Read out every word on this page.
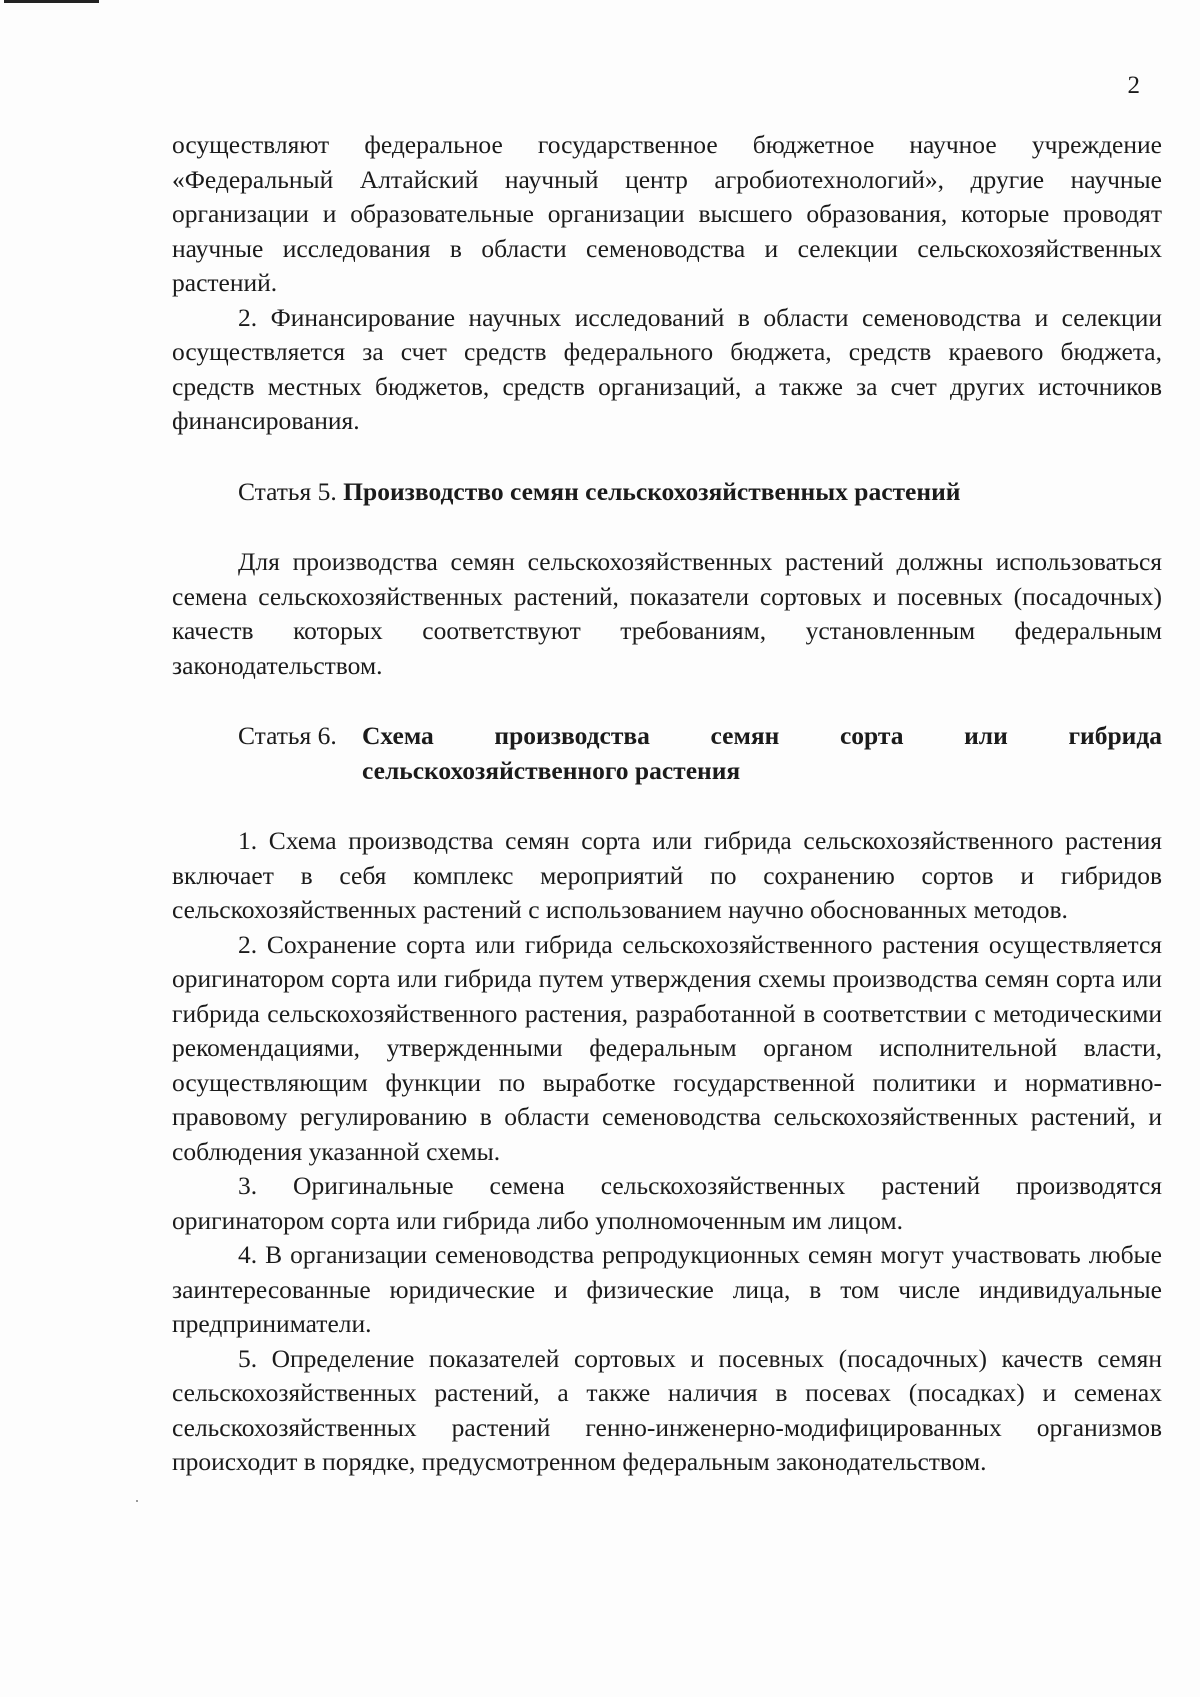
2

осуществляют федеральное государственное бюджетное научное учреждение «Федеральный Алтайский научный центр агробиотехнологий», другие научные организации и образовательные организации высшего образования, которые проводят научные исследования в области семеноводства и селекции сельскохозяйственных растений.

2. Финансирование научных исследований в области семеноводства и селекции осуществляется за счет средств федерального бюджета, средств краевого бюджета, средств местных бюджетов, средств организаций, а также за счет других источников финансирования.

Статья 5. Производство семян сельскохозяйственных растений

Для производства семян сельскохозяйственных растений должны использоваться семена сельскохозяйственных растений, показатели сортовых и посевных (посадочных) качеств которых соответствуют требованиям, установленным федеральным законодательством.

Статья 6. Схема производства семян сорта или гибрида сельскохозяйственного растения

1. Схема производства семян сорта или гибрида сельскохозяйственного растения включает в себя комплекс мероприятий по сохранению сортов и гибридов сельскохозяйственных растений с использованием научно обоснованных методов.

2. Сохранение сорта или гибрида сельскохозяйственного растения осуществляется оригинатором сорта или гибрида путем утверждения схемы производства семян сорта или гибрида сельскохозяйственного растения, разработанной в соответствии с методическими рекомендациями, утвержденными федеральным органом исполнительной власти, осуществляющим функции по выработке государственной политики и нормативно-правовому регулированию в области семеноводства сельскохозяйственных растений, и соблюдения указанной схемы.

3. Оригинальные семена сельскохозяйственных растений производятся оригинатором сорта или гибрида либо уполномоченным им лицом.

4. В организации семеноводства репродукционных семян могут участвовать любые заинтересованные юридические и физические лица, в том числе индивидуальные предприниматели.

5. Определение показателей сортовых и посевных (посадочных) качеств семян сельскохозяйственных растений, а также наличия в посевах (посадках) и семенах сельскохозяйственных растений генно-инженерно-модифицированных организмов происходит в порядке, предусмотренном федеральным законодательством.
